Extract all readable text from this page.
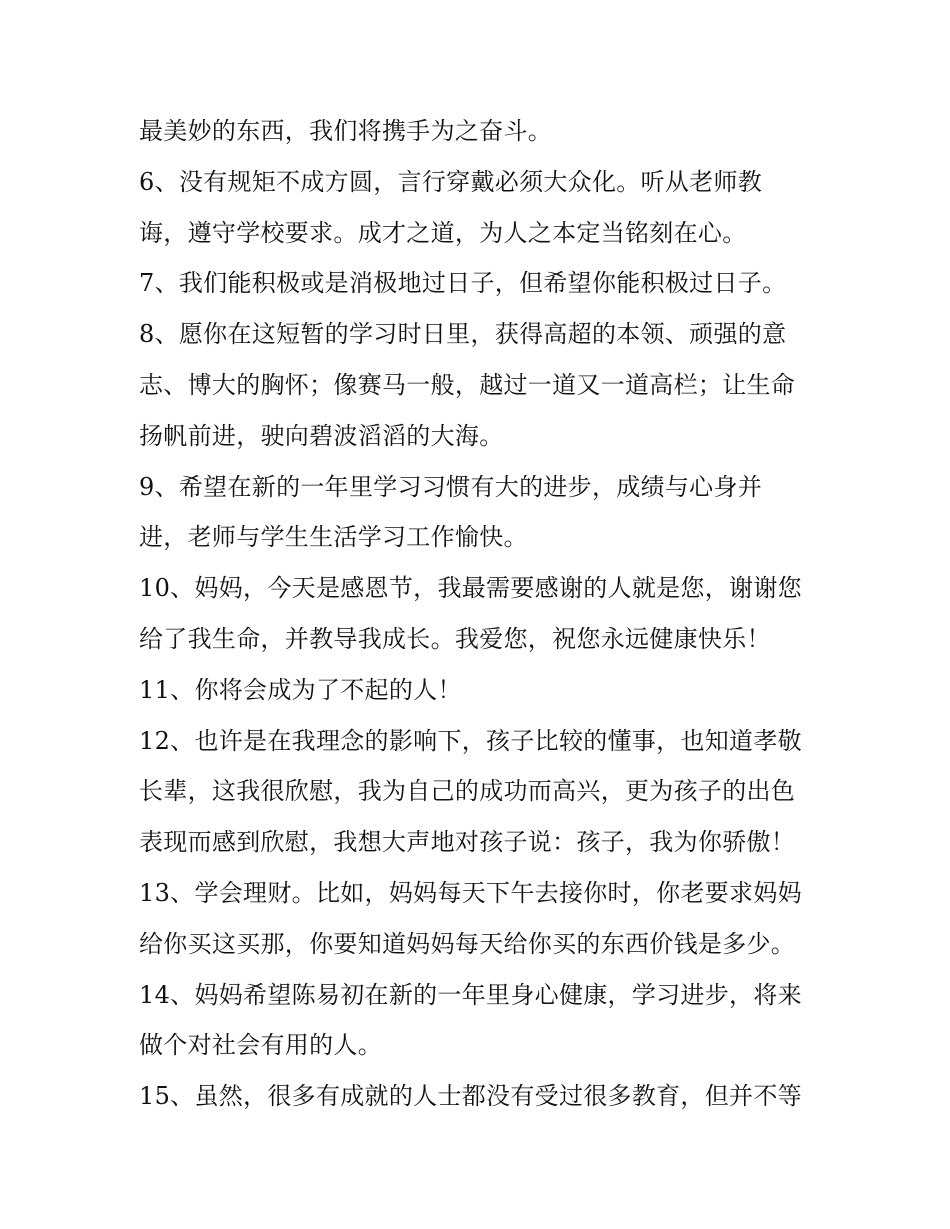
最美妙的东西，我们将携手为之奋斗。
6、没有规矩不成方圆，言行穿戴必须大众化。听从老师教
诲，遵守学校要求。成才之道，为人之本定当铭刻在心。
7、我们能积极或是消极地过日子，但希望你能积极过日子。
8、愿你在这短暂的学习时日里，获得高超的本领、顽强的意
志、博大的胸怀；像赛马一般，越过一道又一道高栏；让生命
扬帆前进，驶向碧波滔滔的大海。
9、希望在新的一年里学习习惯有大的进步，成绩与心身并
进，老师与学生生活学习工作愉快。
10、妈妈，今天是感恩节，我最需要感谢的人就是您，谢谢您
给了我生命，并教导我成长。我爱您，祝您永远健康快乐！
11、你将会成为了不起的人！
12、也许是在我理念的影响下，孩子比较的懂事，也知道孝敬
长辈，这我很欣慰，我为自己的成功而高兴，更为孩子的出色
表现而感到欣慰，我想大声地对孩子说：孩子，我为你骄傲！
13、学会理财。比如，妈妈每天下午去接你时，你老要求妈妈
给你买这买那，你要知道妈妈每天给你买的东西价钱是多少。
14、妈妈希望陈易初在新的一年里身心健康，学习进步，将来
做个对社会有用的人。
15、虽然，很多有成就的人士都没有受过很多教育，但并不等
